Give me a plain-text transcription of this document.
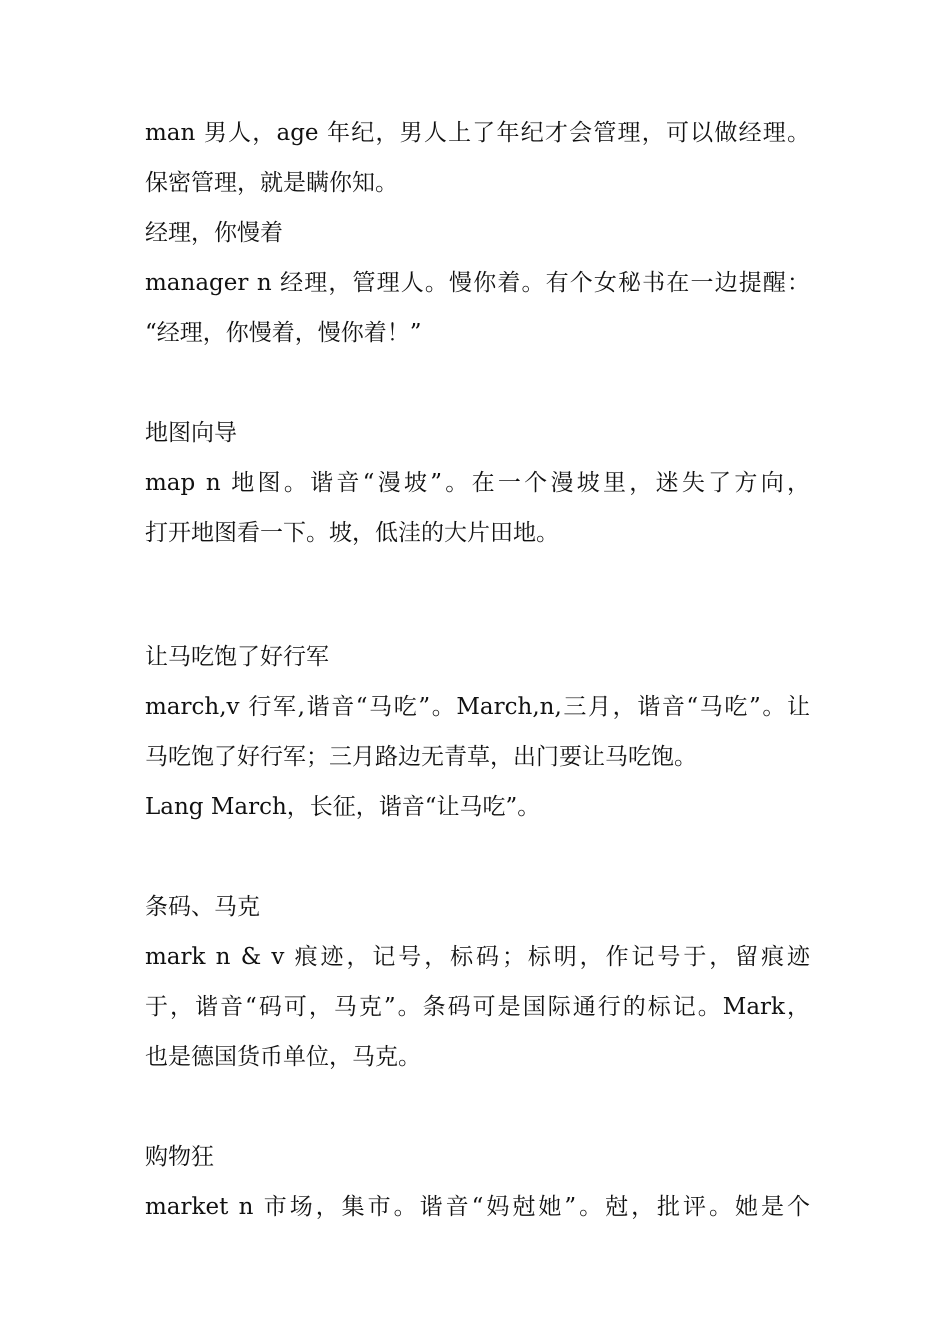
man 男人，age 年纪，男人上了年纪才会管理，可以做经理。
保密管理，就是瞒你知。
经理，你慢着
manager n 经理，管理人。慢你着。有个女秘书在一边提醒：
“经理，你慢着，慢你着！”
地图向导
map n 地图。谐音“漫坡”。在一个漫坡里，迷失了方向，
打开地图看一下。坡，低洼的大片田地。
让马吃饱了好行军
march,v 行军,谐音“马吃”。March,n,三月，谐音“马吃”。让
马吃饱了好行军；三月路边无青草，出门要让马吃饱。
Lang March，长征，谐音“让马吃”。
条码、马克
mark n & v 痕迹，记号，标码；标明，作记号于，留痕迹
于，谐音“码可，马克”。条码可是国际通行的标记。Mark，
也是德国货币单位，马克。
购物狂
market n 市场，集市。谐音“妈尅她”。尅，批评。她是个
